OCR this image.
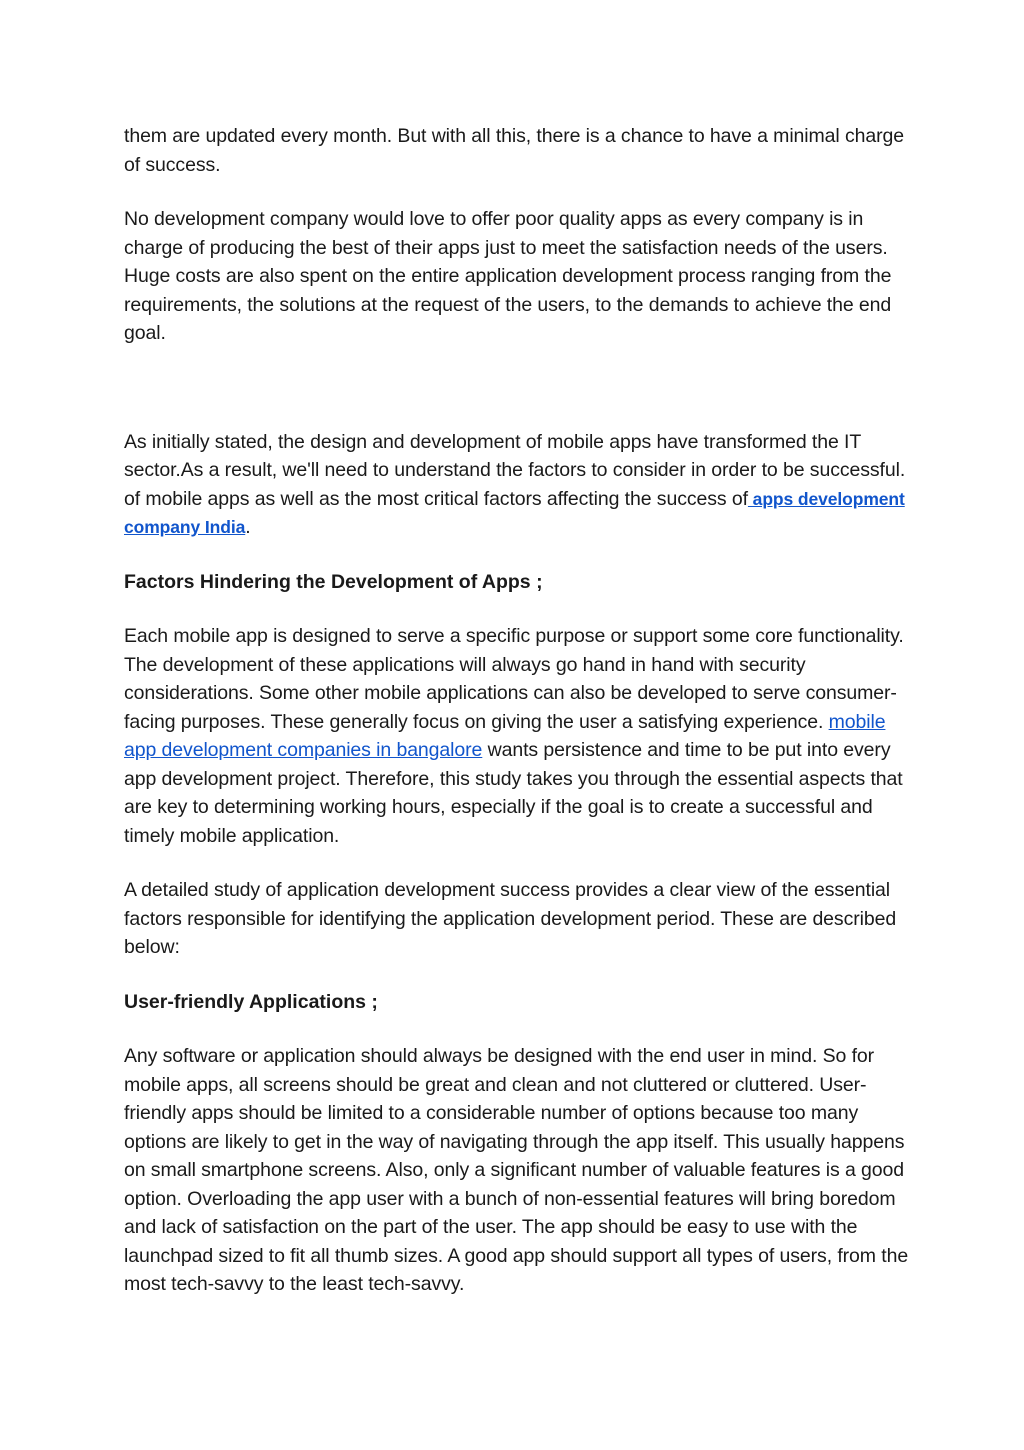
them are updated every month. But with all this, there is a chance to have a minimal charge of success.

No development company would love to offer poor quality apps as every company is in charge of producing the best of their apps just to meet the satisfaction needs of the users. Huge costs are also spent on the entire application development process ranging from the requirements, the solutions at the request of the users, to the demands to achieve the end goal.

As initially stated, the design and development of mobile apps have transformed the IT sector.As a result, we'll need to understand the factors to consider in order to be successful. of mobile apps as well as the most critical factors affecting the success of apps development company India.

Factors Hindering the Development of Apps ;

Each mobile app is designed to serve a specific purpose or support some core functionality. The development of these applications will always go hand in hand with security considerations. Some other mobile applications can also be developed to serve consumer-facing purposes. These generally focus on giving the user a satisfying experience. mobile app development companies in bangalore wants persistence and time to be put into every app development project. Therefore, this study takes you through the essential aspects that are key to determining working hours, especially if the goal is to create a successful and timely mobile application.

A detailed study of application development success provides a clear view of the essential factors responsible for identifying the application development period. These are described below:

User-friendly Applications ;

Any software or application should always be designed with the end user in mind. So for mobile apps, all screens should be great and clean and not cluttered or cluttered. User-friendly apps should be limited to a considerable number of options because too many options are likely to get in the way of navigating through the app itself. This usually happens on small smartphone screens. Also, only a significant number of valuable features is a good option. Overloading the app user with a bunch of non-essential features will bring boredom and lack of satisfaction on the part of the user. The app should be easy to use with the launchpad sized to fit all thumb sizes. A good app should support all types of users, from the most tech-savvy to the least tech-savvy.
